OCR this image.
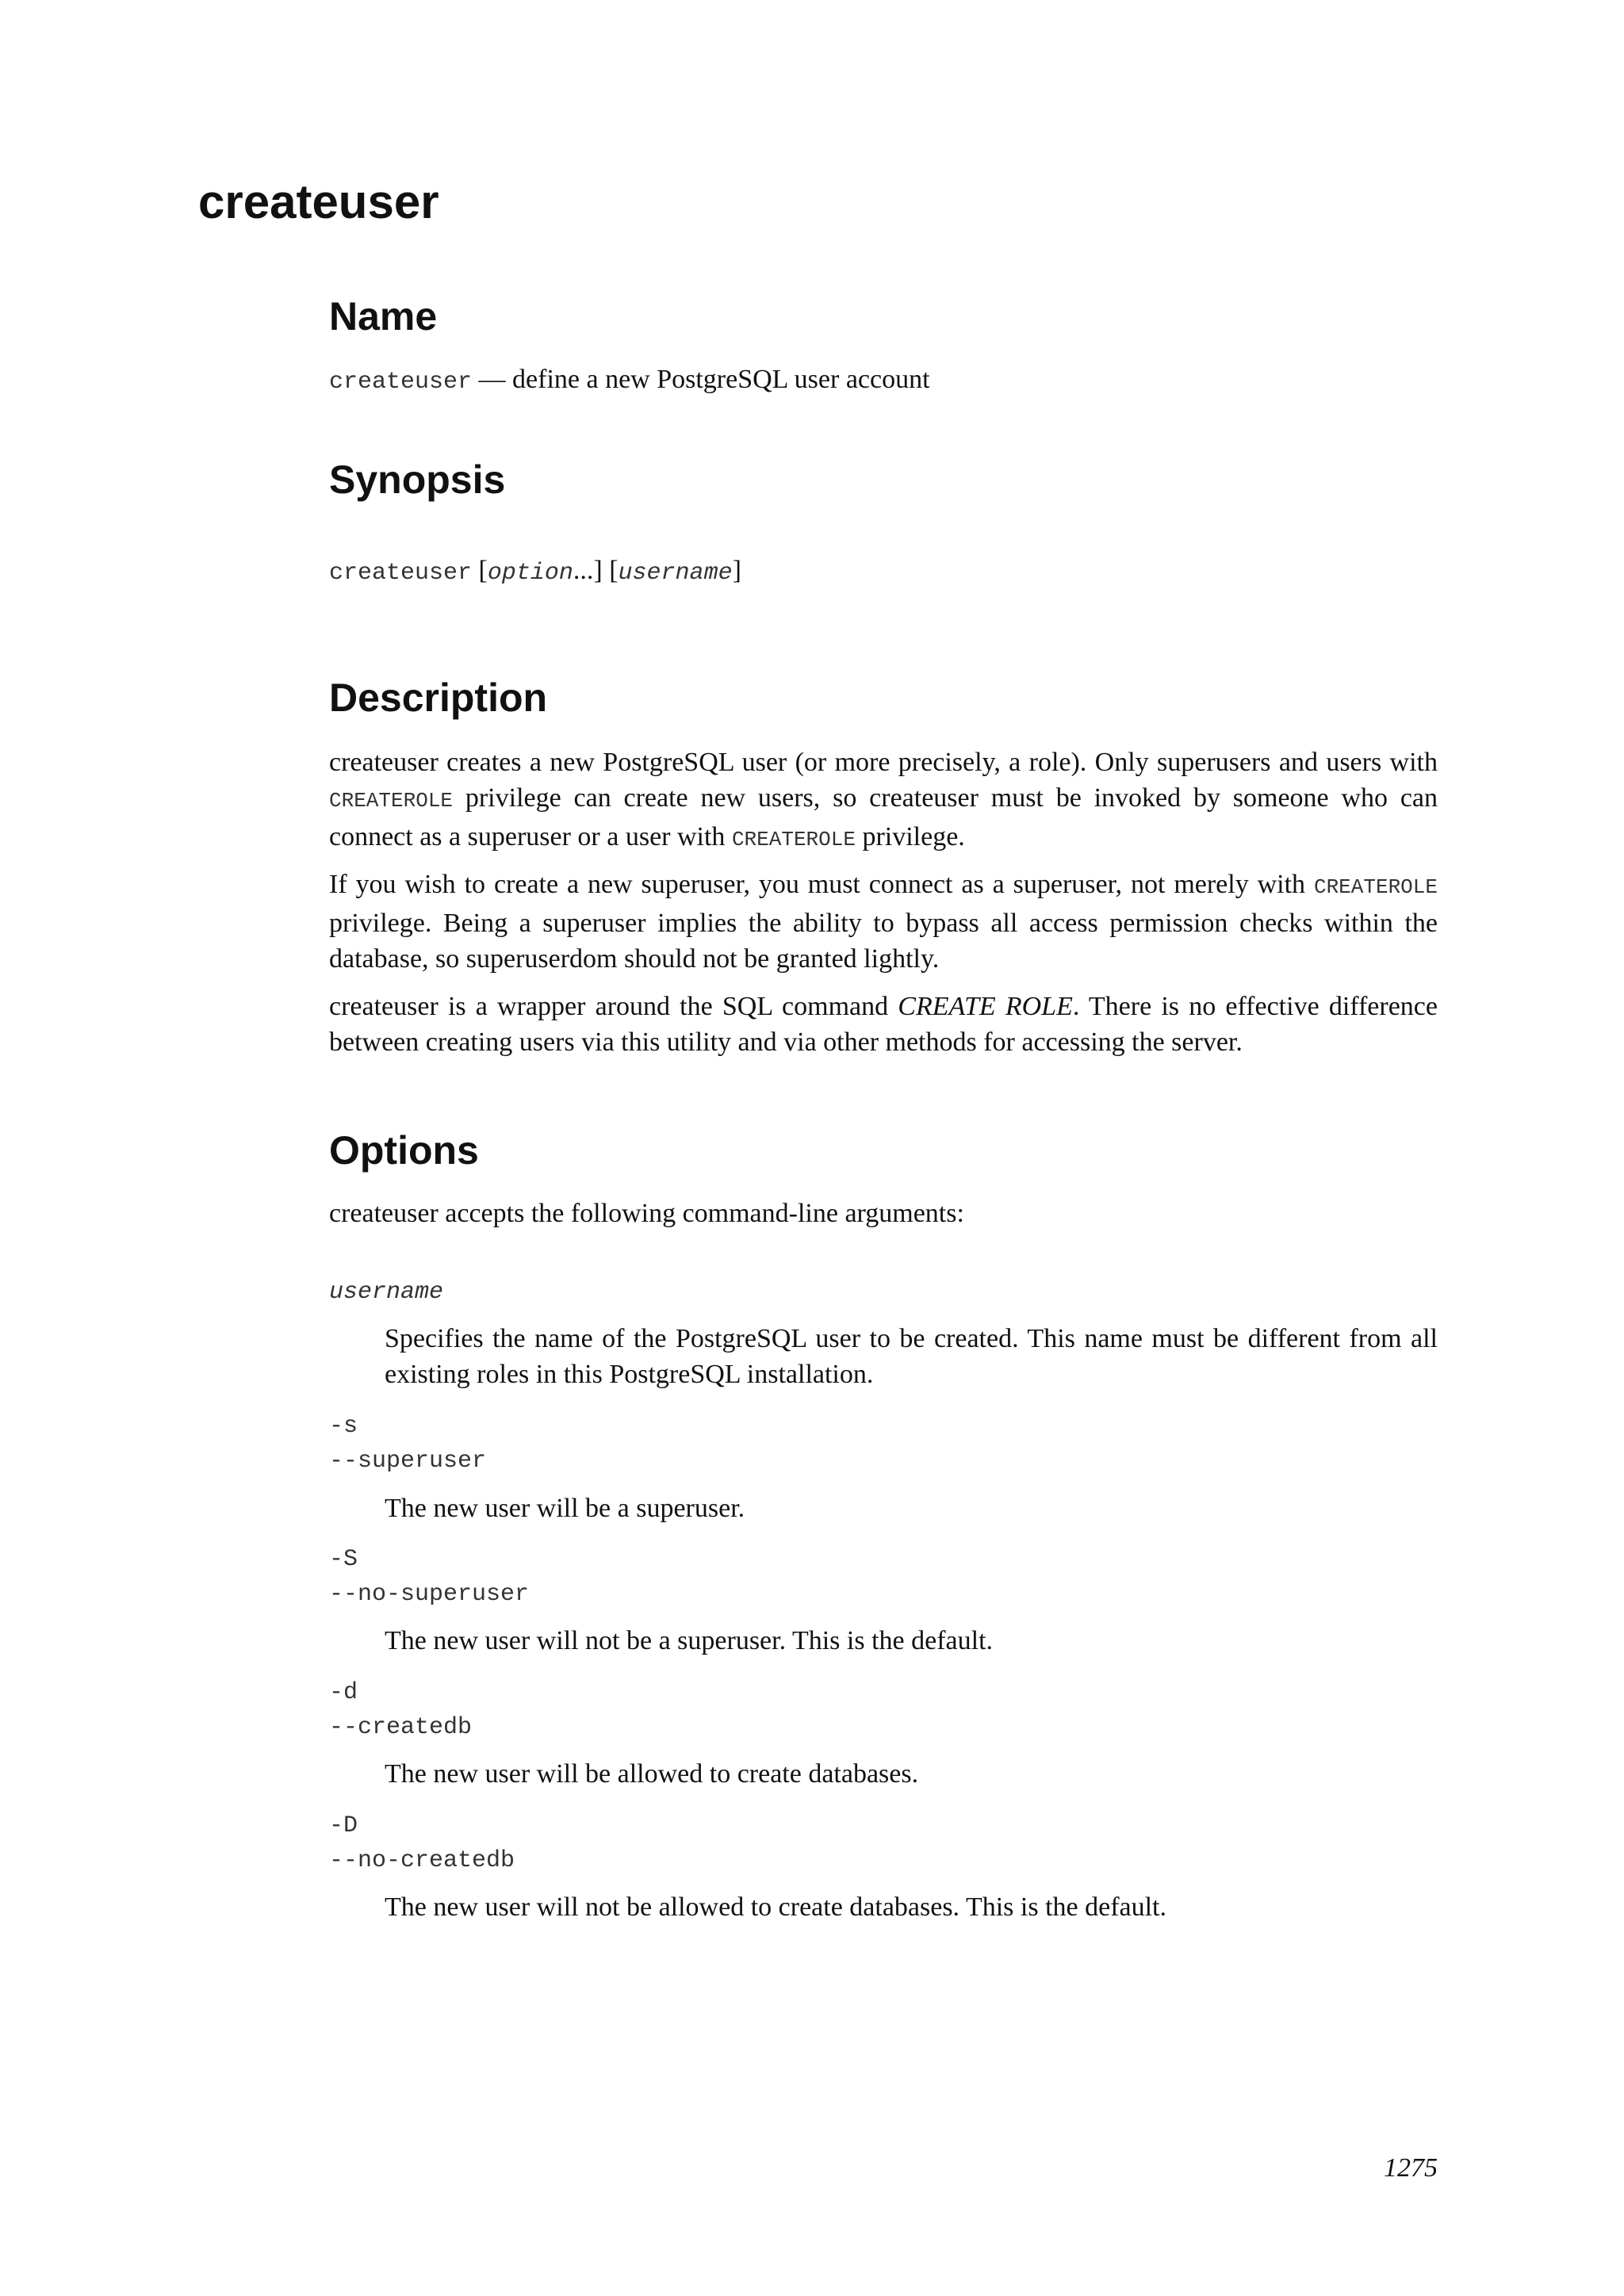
createuser
Name
createuser — define a new PostgreSQL user account
Synopsis
createuser [option...] [username]
Description

createuser creates a new PostgreSQL user (or more precisely, a role). Only superusers and users with CREATEROLE privilege can create new users, so createuser must be invoked by someone who can connect as a superuser or a user with CREATEROLE privilege.

If you wish to create a new superuser, you must connect as a superuser, not merely with CREATEROLE privilege. Being a superuser implies the ability to bypass all access permission checks within the database, so superuserdom should not be granted lightly.

createuser is a wrapper around the SQL command CREATE ROLE. There is no effective difference between creating users via this utility and via other methods for accessing the server.

Options
createuser accepts the following command-line arguments:
username

Specifies the name of the PostgreSQL user to be created. This name must be different from all existing roles in this PostgreSQL installation.

-s
--superuser

The new user will be a superuser.

-S
--no-superuser

The new user will not be a superuser. This is the default.

-d
--createdb

The new user will be allowed to create databases.

-D
--no-createdb

The new user will not be allowed to create databases. This is the default.

1275
